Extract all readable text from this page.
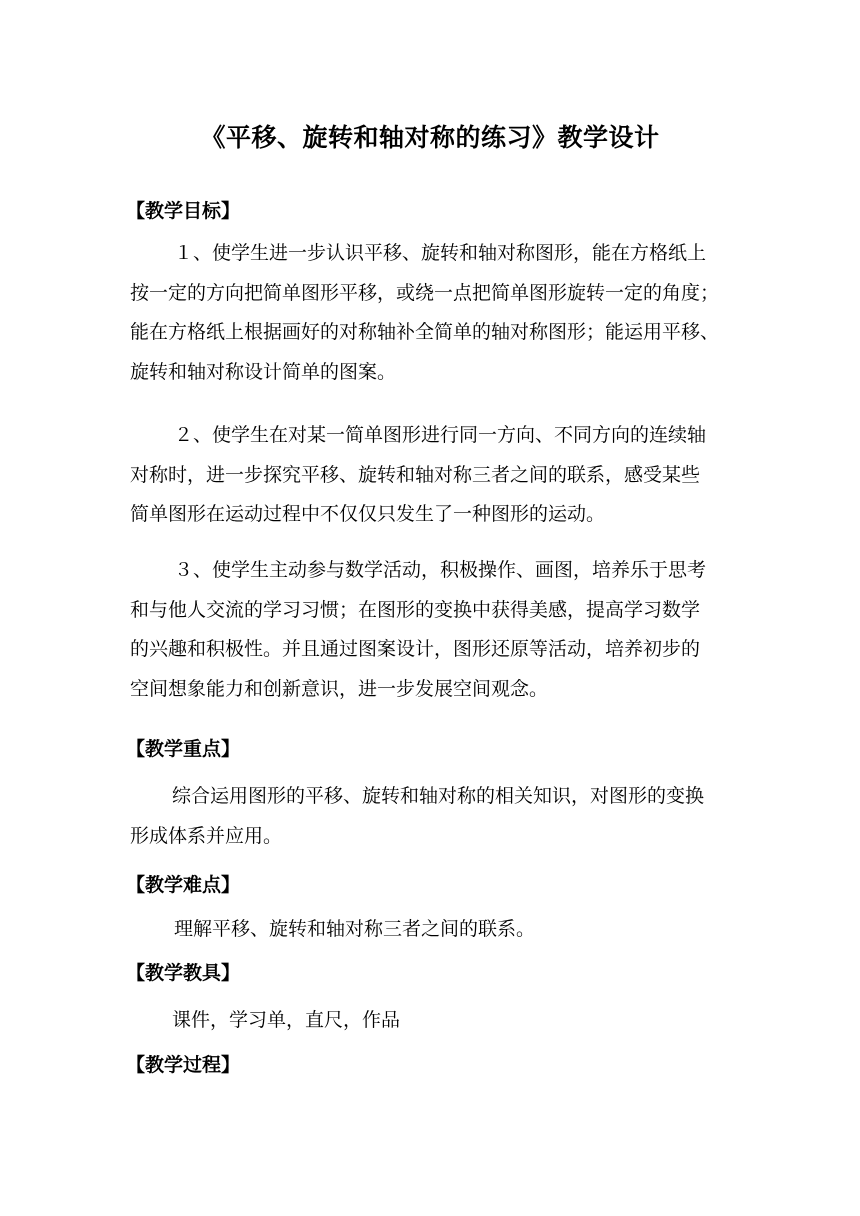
《平移、旋转和轴对称的练习》教学设计
【教学目标】
１、使学生进一步认识平移、旋转和轴对称图形，能在方格纸上
按一定的方向把简单图形平移，或绕一点把简单图形旋转一定的角度；
能在方格纸上根据画好的对称轴补全简单的轴对称图形；能运用平移、
旋转和轴对称设计简单的图案。
２、使学生在对某一简单图形进行同一方向、不同方向的连续轴
对称时，进一步探究平移、旋转和轴对称三者之间的联系，感受某些
简单图形在运动过程中不仅仅只发生了一种图形的运动。
３、使学生主动参与数学活动，积极操作、画图，培养乐于思考
和与他人交流的学习习惯；在图形的变换中获得美感，提高学习数学
的兴趣和积极性。并且通过图案设计，图形还原等活动，培养初步的
空间想象能力和创新意识，进一步发展空间观念。
【教学重点】
综合运用图形的平移、旋转和轴对称的相关知识，对图形的变换
形成体系并应用。
【教学难点】
理解平移、旋转和轴对称三者之间的联系。
【教学教具】
课件，学习单，直尺，作品
【教学过程】
